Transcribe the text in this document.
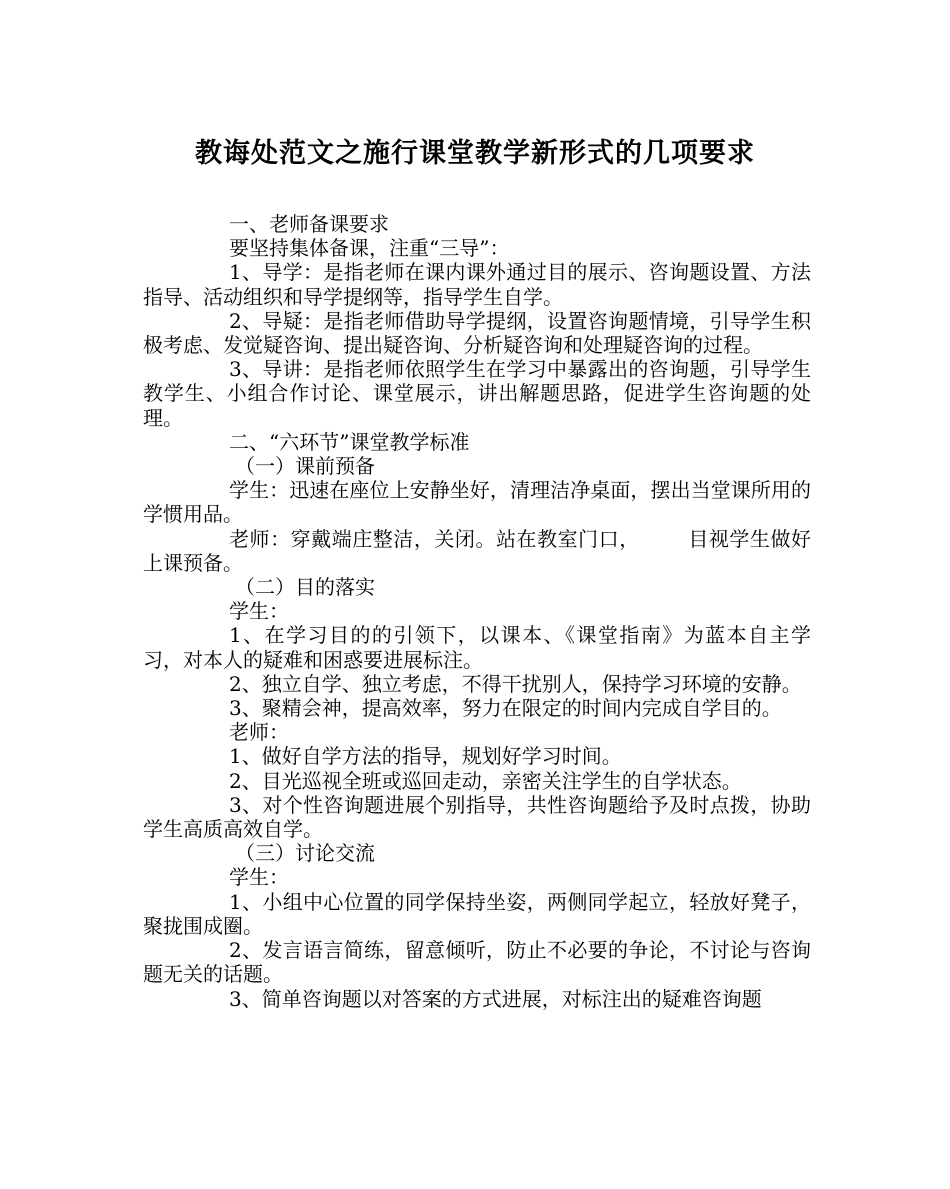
教诲处范文之施行课堂教学新形式的几项要求

一、老师备课要求

要坚持集体备课，注重“三导”：

1、导学：是指老师在课内课外通过目的展示、咨询题设置、方法指导、活动组织和导学提纲等，指导学生自学。

2、导疑：是指老师借助导学提纲，设置咨询题情境，引导学生积极考虑、发觉疑咨询、提出疑咨询、分析疑咨询和处理疑咨询的过程。

3、导讲：是指老师依照学生在学习中暴露出的咨询题，引导学生教学生、小组合作讨论、课堂展示，讲出解题思路，促进学生咨询题的处理。

二、“六环节”课堂教学标准

（一）课前预备

学生：迅速在座位上安静坐好，清理洁净桌面，摆出当堂课所用的学惯用品。

老师：穿戴端庄整洁，关闭。站在教室门口， 目视学生做好上课预备。

（二）目的落实

学生：

1、在学习目的的引领下，以课本、《课堂指南》为蓝本自主学习，对本人的疑难和困惑要进展标注。

2、独立自学、独立考虑，不得干扰别人，保持学习环境的安静。

3、聚精会神，提高效率，努力在限定的时间内完成自学目的。

老师：

1、做好自学方法的指导，规划好学习时间。

2、目光巡视全班或巡回走动，亲密关注学生的自学状态。

3、对个性咨询题进展个别指导，共性咨询题给予及时点拨，协助学生高质高效自学。

（三）讨论交流

学生：

1、小组中心位置的同学保持坐姿，两侧同学起立，轻放好凳子，聚拢围成圈。

2、发言语言简练，留意倾听，防止不必要的争论，不讨论与咨询题无关的话题。

3、简单咨询题以对答案的方式进展，对标注出的疑难咨询题
